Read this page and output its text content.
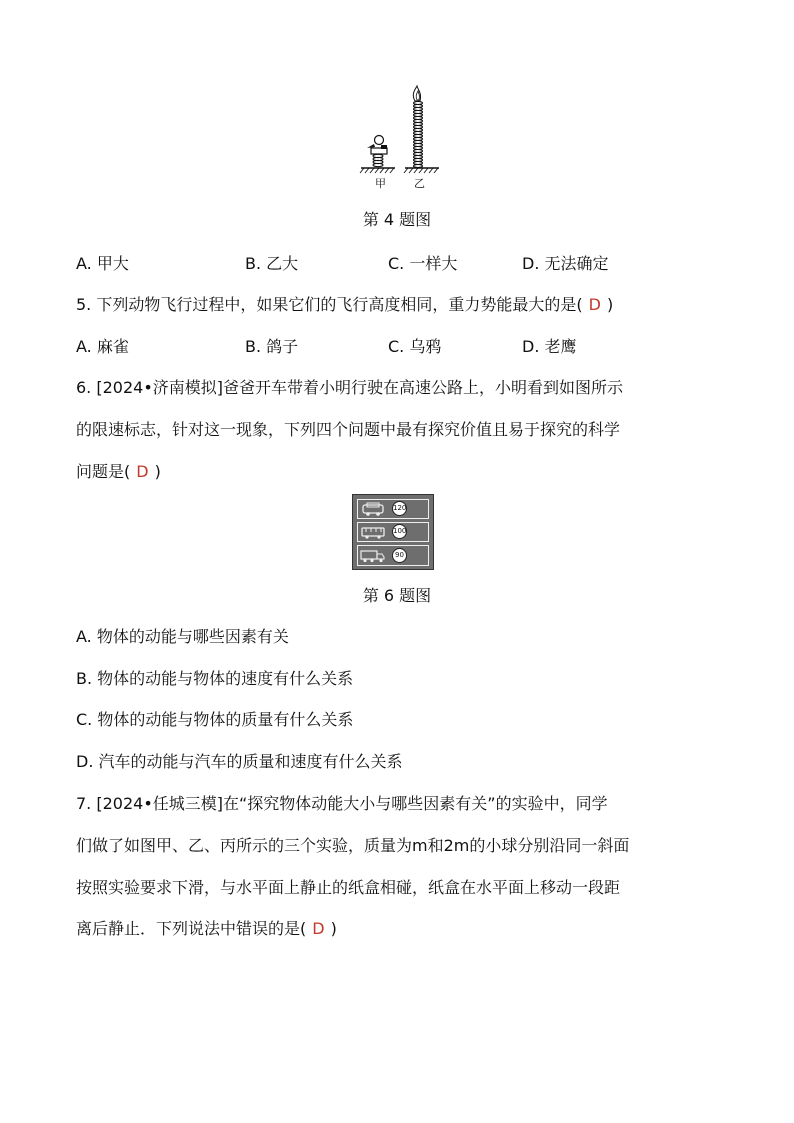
甲	乙
第 4 题图
A. 甲大	B. 乙大	C. 一样大	D. 无法确定
5. 下列动物飞行过程中，如果它们的飞行高度相同，重力势能最大的是( D )
A. 麻雀	B. 鸽子	C. 乌鸦	D. 老鹰
6. [2024•济南模拟]爸爸开车带着小明行驶在高速公路上，小明看到如图所示
的限速标志，针对这一现象，下列四个问题中最有探究价值且易于探究的科学
问题是( D )
120
100
90
第 6 题图
A. 物体的动能与哪些因素有关
B. 物体的动能与物体的速度有什么关系
C. 物体的动能与物体的质量有什么关系
D. 汽车的动能与汽车的质量和速度有什么关系
7. [2024•任城三模]在“探究物体动能大小与哪些因素有关”的实验中，同学
们做了如图甲、乙、丙所示的三个实验，质量为m和2m的小球分别沿同一斜面
按照实验要求下滑，与水平面上静止的纸盒相碰，纸盒在水平面上移动一段距
离后静止．下列说法中错误的是( D )
